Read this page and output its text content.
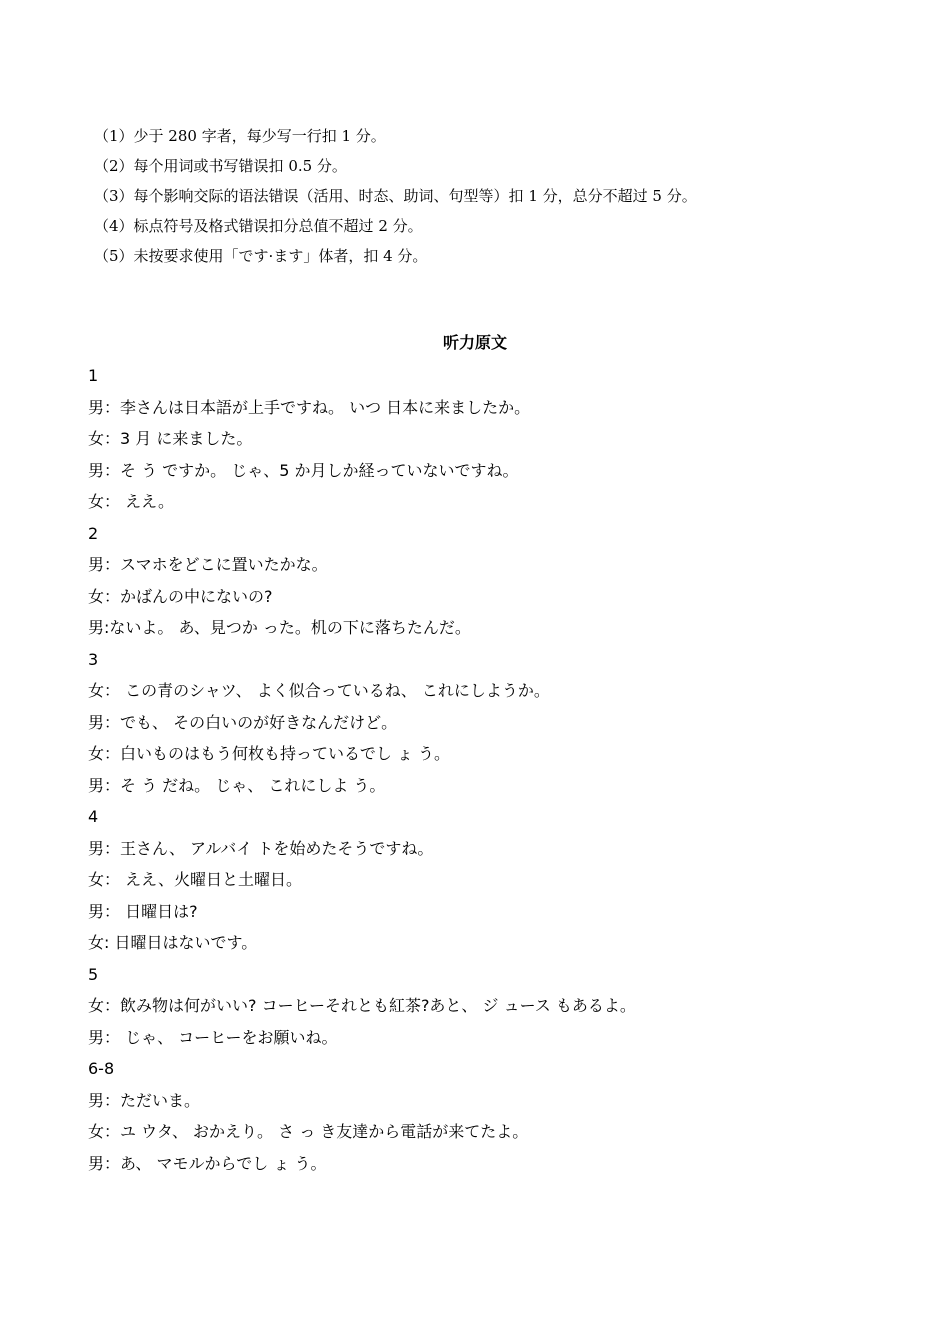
（1）少于 280 字者，每少写一行扣 1 分。
（2）每个用词或书写错误扣 0.5 分。
（3）每个影响交际的语法错误（活用、时态、助词、句型等）扣 1 分，总分不超过 5 分。
（4）标点符号及格式错误扣分总值不超过 2 分。
（5）未按要求使用「です·ます」体者，扣 4 分。
听力原文
1
男：李さんは日本語が上手ですね。 いつ 日本に来ましたか。
女：3 月 に来ました。
男：そ う ですか。 じゃ、5 か月しか経っていないですね。
女： ええ。
2
男：スマホをどこに置いたかな。
女：かばんの中にないの?
男:ないよ。 あ、見つか った。机の下に落ちたんだ。
3
女： この青のシャツ、 よく似合っているね、 これにしようか。
男：でも、 その白いのが好きなんだけど。
女：白いものはもう何枚も持っているでし ょ う。
男：そ う だね。 じゃ、 これにしよ う。
4
男：王さん、 アルバイ トを始めたそうですね。
女： ええ、火曜日と土曜日。
男： 日曜日は?
女: 日曜日はないです。
5
女：飲み物は何がいい? コーヒーそれとも紅茶?あと、 ジ ュース もあるよ。
男： じゃ、 コーヒーをお願いね。
6-8
男：ただいま。
女：ユ ウタ、 おかえり。 さ っ き友達から電話が来てたよ。
男：あ、 マモルからでし ょ う。
